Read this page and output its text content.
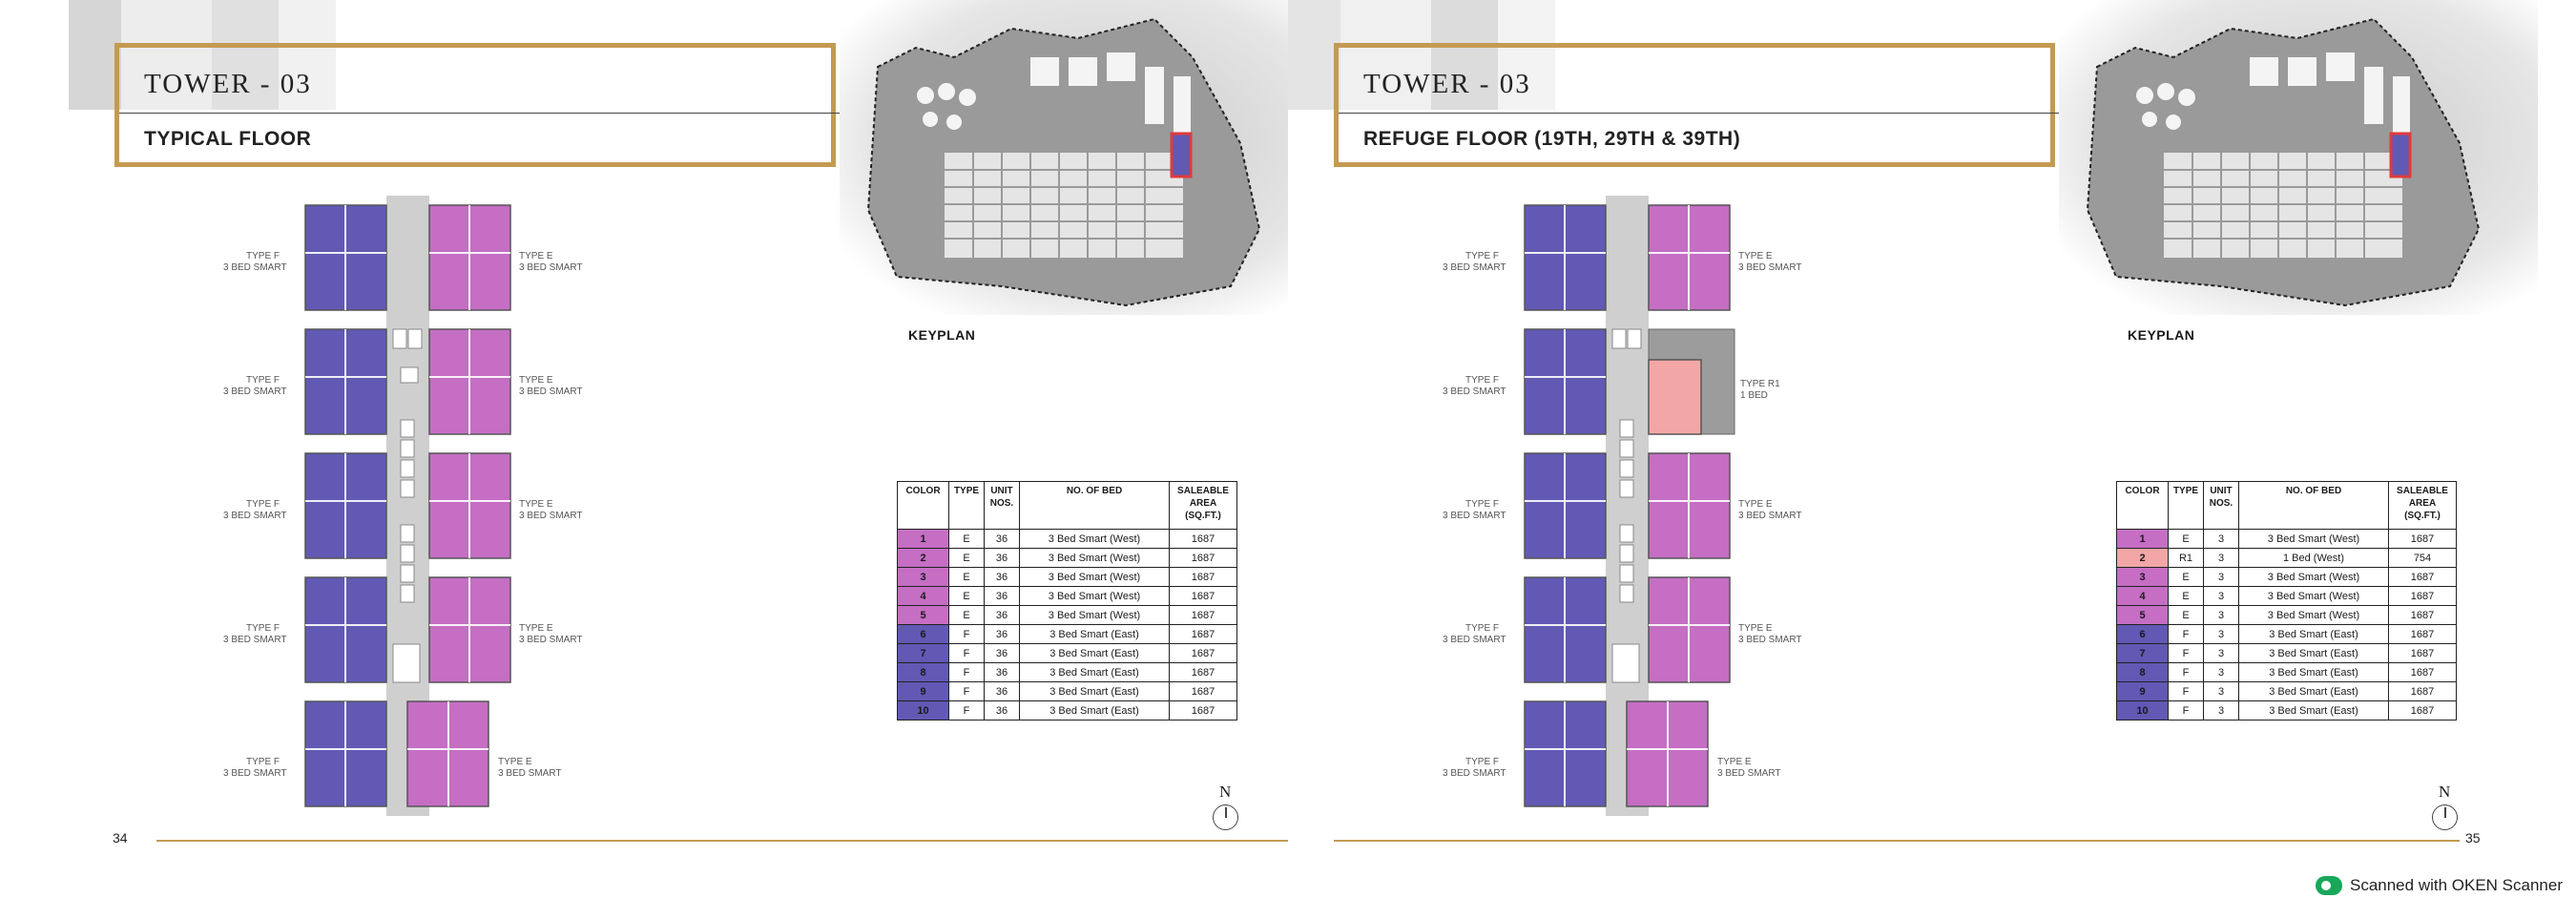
TOWER - 03
TYPICAL FLOOR
KEYPLAN
TYPE F
3 BED SMART
TYPE E
3 BED SMART
TYPE F
3 BED SMART
TYPE E
3 BED SMART
TYPE F
3 BED SMART
TYPE E
3 BED SMART
TYPE F
3 BED SMART
TYPE E
3 BED SMART
TYPE F
3 BED SMART
TYPE E
3 BED SMART
COLOR	TYPE	UNIT NOS.	NO. OF BED	SALEABLE AREA (SQ.FT.)
1	E	36	3 Bed Smart (West)	1687
2	E	36	3 Bed Smart (West)	1687
3	E	36	3 Bed Smart (West)	1687
4	E	36	3 Bed Smart (West)	1687
5	E	36	3 Bed Smart (West)	1687
6	F	36	3 Bed Smart (East)	1687
7	F	36	3 Bed Smart (East)	1687
8	F	36	3 Bed Smart (East)	1687
9	F	36	3 Bed Smart (East)	1687
10	F	36	3 Bed Smart (East)	1687
N
34
TOWER - 03
REFUGE FLOOR (19TH, 29TH & 39TH)
KEYPLAN
TYPE F
3 BED SMART
TYPE E
3 BED SMART
TYPE F
3 BED SMART
TYPE R1
1 BED
TYPE F
3 BED SMART
TYPE E
3 BED SMART
TYPE F
3 BED SMART
TYPE E
3 BED SMART
TYPE F
3 BED SMART
TYPE E
3 BED SMART
COLOR	TYPE	UNIT NOS.	NO. OF BED	SALEABLE AREA (SQ.FT.)
1	E	3	3 Bed Smart (West)	1687
2	R1	3	1 Bed (West)	754
3	E	3	3 Bed Smart (West)	1687
4	E	3	3 Bed Smart (West)	1687
5	E	3	3 Bed Smart (West)	1687
6	F	3	3 Bed Smart (East)	1687
7	F	3	3 Bed Smart (East)	1687
8	F	3	3 Bed Smart (East)	1687
9	F	3	3 Bed Smart (East)	1687
10	F	3	3 Bed Smart (East)	1687
N
35
Scanned with OKEN Scanner
